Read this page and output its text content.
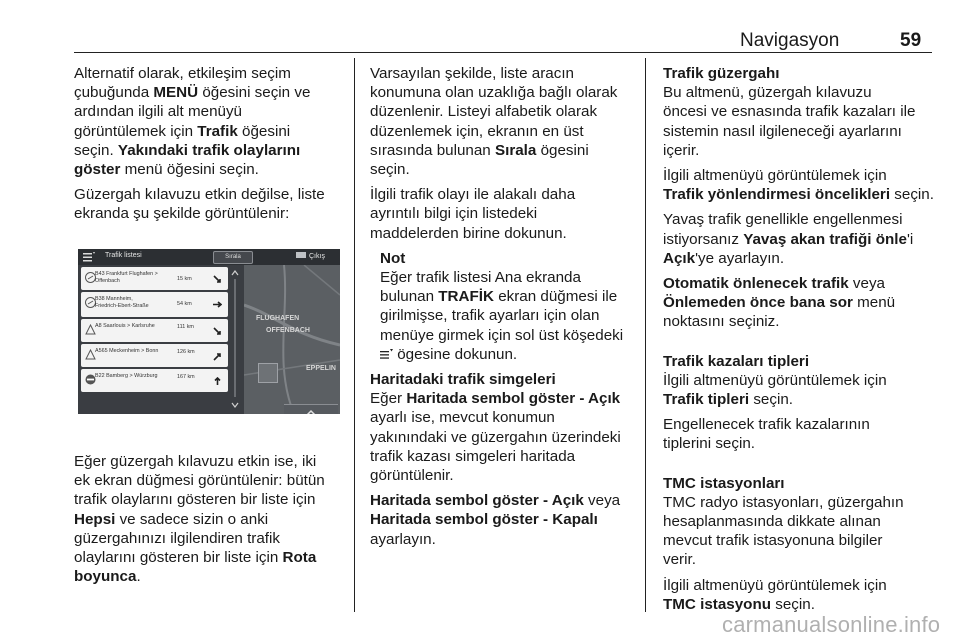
Navigasyon	59

Alternatif olarak, etkileşim seçim
çubuğunda MENÜ öğesini seçin ve
ardından ilgili alt menüyü
görüntülemek için Trafik öğesini
seçin. Yakındaki trafik olaylarını
göster menü öğesini seçin.

Güzergah kılavuzu etkin değilse, liste
ekranda şu şekilde görüntülenir:

Trafik listesi	Sırala	Çıkış
B43 Frankfurt Flughafen >
Offenbach	15 km
B38 Mannheim,
Friedrich-Ebert-Straße	54 km
A8 Saarlouis > Karlsruhe	111 km
A565 Meckenheim > Bonn	126 km
B22 Bamberg > Würzburg	167 km
FLUGHAFEN
OFFENBACH
EPPELIN

Eğer güzergah kılavuzu etkin ise, iki
ek ekran düğmesi görüntülenir: bütün
trafik olaylarını gösteren bir liste için
Hepsi ve sadece sizin o anki
güzergahınızı ilgilendiren trafik
olaylarını gösteren bir liste için Rota
boyunca.

Varsayılan şekilde, liste aracın
konumuna olan uzaklığa bağlı olarak
düzenlenir. Listeyi alfabetik olarak
düzenlemek için, ekranın en üst
sırasında bulunan Sırala ögesini
seçin.

İlgili trafik olayı ile alakalı daha
ayrıntılı bilgi için listedeki
maddelerden birine dokunun.

Not
Eğer trafik listesi Ana ekranda
bulunan TRAFİK ekran düğmesi ile
girilmişse, trafik ayarları için olan
menüye girmek için sol üst köşedeki
ögesine dokunun.

Haritadaki trafik simgeleri

Eğer Haritada sembol göster - Açık
ayarlı ise, mevcut konumun
yakınındaki ve güzergahın üzerindeki
trafik kazası simgeleri haritada
görüntülenir.

Haritada sembol göster - Açık veya
Haritada sembol göster - Kapalı
ayarlayın.

Trafik güzergahı

Bu altmenü, güzergah kılavuzu
öncesi ve esnasında trafik kazaları ile
sistemin nasıl ilgileneceği ayarlarını
içerir.

İlgili altmenüyü görüntülemek için
Trafik yönlendirmesi öncelikleri seçin.

Yavaş trafik genellikle engellenmesi
istiyorsanız Yavaş akan trafiği önle'i
Açık'ye ayarlayın.

Otomatik önlenecek trafik veya
Önlemeden önce bana sor menü
noktasını seçiniz.

Trafik kazaları tipleri

İlgili altmenüyü görüntülemek için
Trafik tipleri seçin.

Engellenecek trafik kazalarının
tiplerini seçin.

TMC istasyonları

TMC radyo istasyonları, güzergahın
hesaplanmasında dikkate alınan
mevcut trafik istasyonuna bilgiler
verir.

İlgili altmenüyü görüntülemek için
TMC istasyonu seçin.

carmanualsonline.info
